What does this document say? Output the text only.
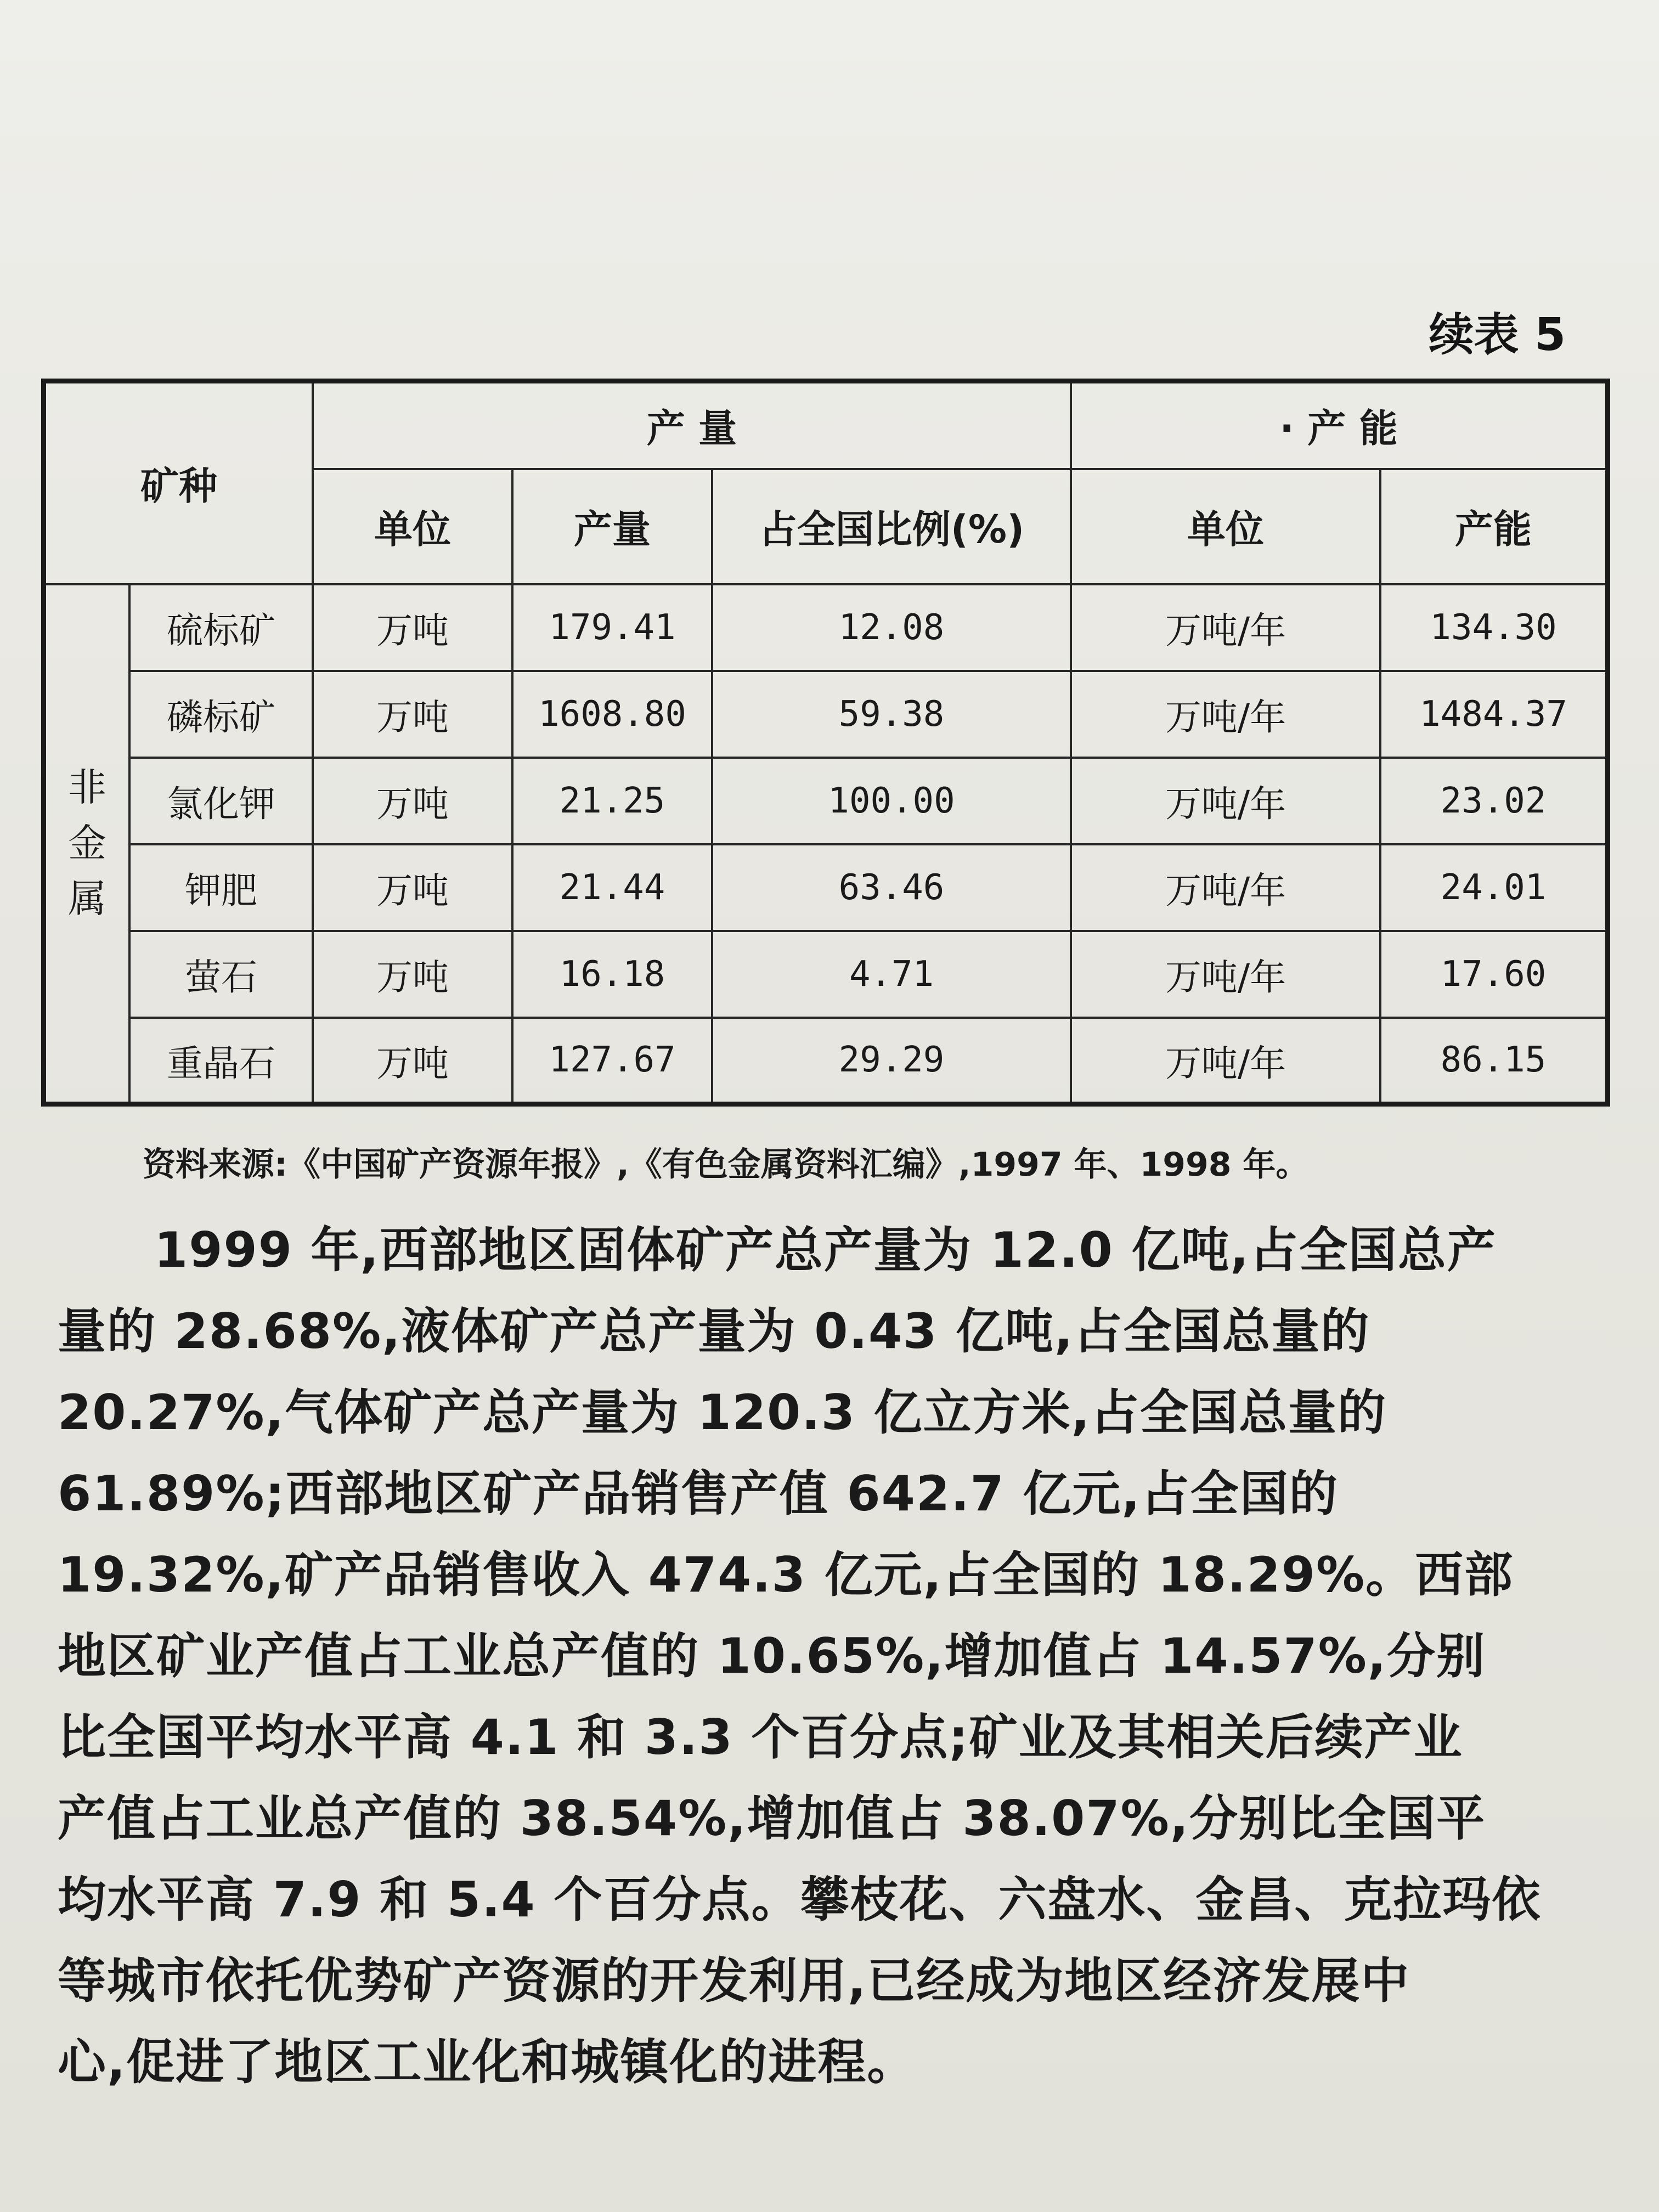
续表 5
矿种		产 量			· 产 能	
		单位	产量	占全国比例(%)	单位	产能
非
金
属	硫标矿	万吨	179.41	12.08	万吨/年	134.30
	磷标矿	万吨	1608.80	59.38	万吨/年	1484.37
	氯化钾	万吨	21.25	100.00	万吨/年	23.02
	钾肥	万吨	21.44	63.46	万吨/年	24.01
	萤石	万吨	16.18	4.71	万吨/年	17.60
	重晶石	万吨	127.67	29.29	万吨/年	86.15
资料来源:《中国矿产资源年报》,《有色金属资料汇编》,1997 年、1998 年。
1999 年,西部地区固体矿产总产量为 12.0 亿吨,占全国总产
量的 28.68%,液体矿产总产量为 0.43 亿吨,占全国总量的
20.27%,气体矿产总产量为 120.3 亿立方米,占全国总量的
61.89%;西部地区矿产品销售产值 642.7 亿元,占全国的
19.32%,矿产品销售收入 474.3 亿元,占全国的 18.29%。西部
地区矿业产值占工业总产值的 10.65%,增加值占 14.57%,分别
比全国平均水平高 4.1 和 3.3 个百分点;矿业及其相关后续产业
产值占工业总产值的 38.54%,增加值占 38.07%,分别比全国平
均水平高 7.9 和 5.4 个百分点。攀枝花、六盘水、金昌、克拉玛依
等城市依托优势矿产资源的开发利用,已经成为地区经济发展中
心,促进了地区工业化和城镇化的进程。
